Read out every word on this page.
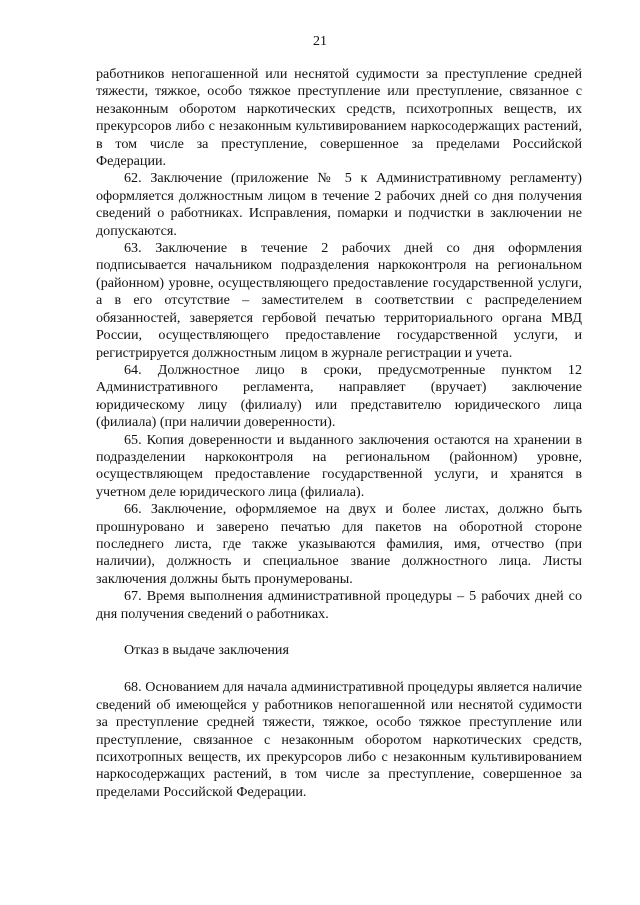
21

работников непогашенной или неснятой судимости за преступление средней тяжести, тяжкое, особо тяжкое преступление или преступление, связанное с незаконным оборотом наркотических средств, психотропных веществ, их прекурсоров либо с незаконным культивированием наркосодержащих растений, в том числе за преступление, совершенное за пределами Российской Федерации.

62. Заключение (приложение № 5 к Административному регламенту) оформляется должностным лицом в течение 2 рабочих дней со дня получения сведений о работниках. Исправления, помарки и подчистки в заключении не допускаются.

63. Заключение в течение 2 рабочих дней со дня оформления подписывается начальником подразделения наркоконтроля на региональном (районном) уровне, осуществляющего предоставление государственной услуги, а в его отсутствие – заместителем в соответствии с распределением обязанностей, заверяется гербовой печатью территориального органа МВД России, осуществляющего предоставление государственной услуги, и регистрируется должностным лицом в журнале регистрации и учета.

64. Должностное лицо в сроки, предусмотренные пунктом 12 Административного регламента, направляет (вручает) заключение юридическому лицу (филиалу) или представителю юридического лица (филиала) (при наличии доверенности).

65. Копия доверенности и выданного заключения остаются на хранении в подразделении наркоконтроля на региональном (районном) уровне, осуществляющем предоставление государственной услуги, и хранятся в учетном деле юридического лица (филиала).

66. Заключение, оформляемое на двух и более листах, должно быть прошнуровано и заверено печатью для пакетов на оборотной стороне последнего листа, где также указываются фамилия, имя, отчество (при наличии), должность и специальное звание должностного лица. Листы заключения должны быть пронумерованы.

67. Время выполнения административной процедуры – 5 рабочих дней со дня получения сведений о работниках.

Отказ в выдаче заключения

68. Основанием для начала административной процедуры является наличие сведений об имеющейся у работников непогашенной или неснятой судимости за преступление средней тяжести, тяжкое, особо тяжкое преступление или преступление, связанное с незаконным оборотом наркотических средств, психотропных веществ, их прекурсоров либо с незаконным культивированием наркосодержащих растений, в том числе за преступление, совершенное за пределами Российской Федерации.
